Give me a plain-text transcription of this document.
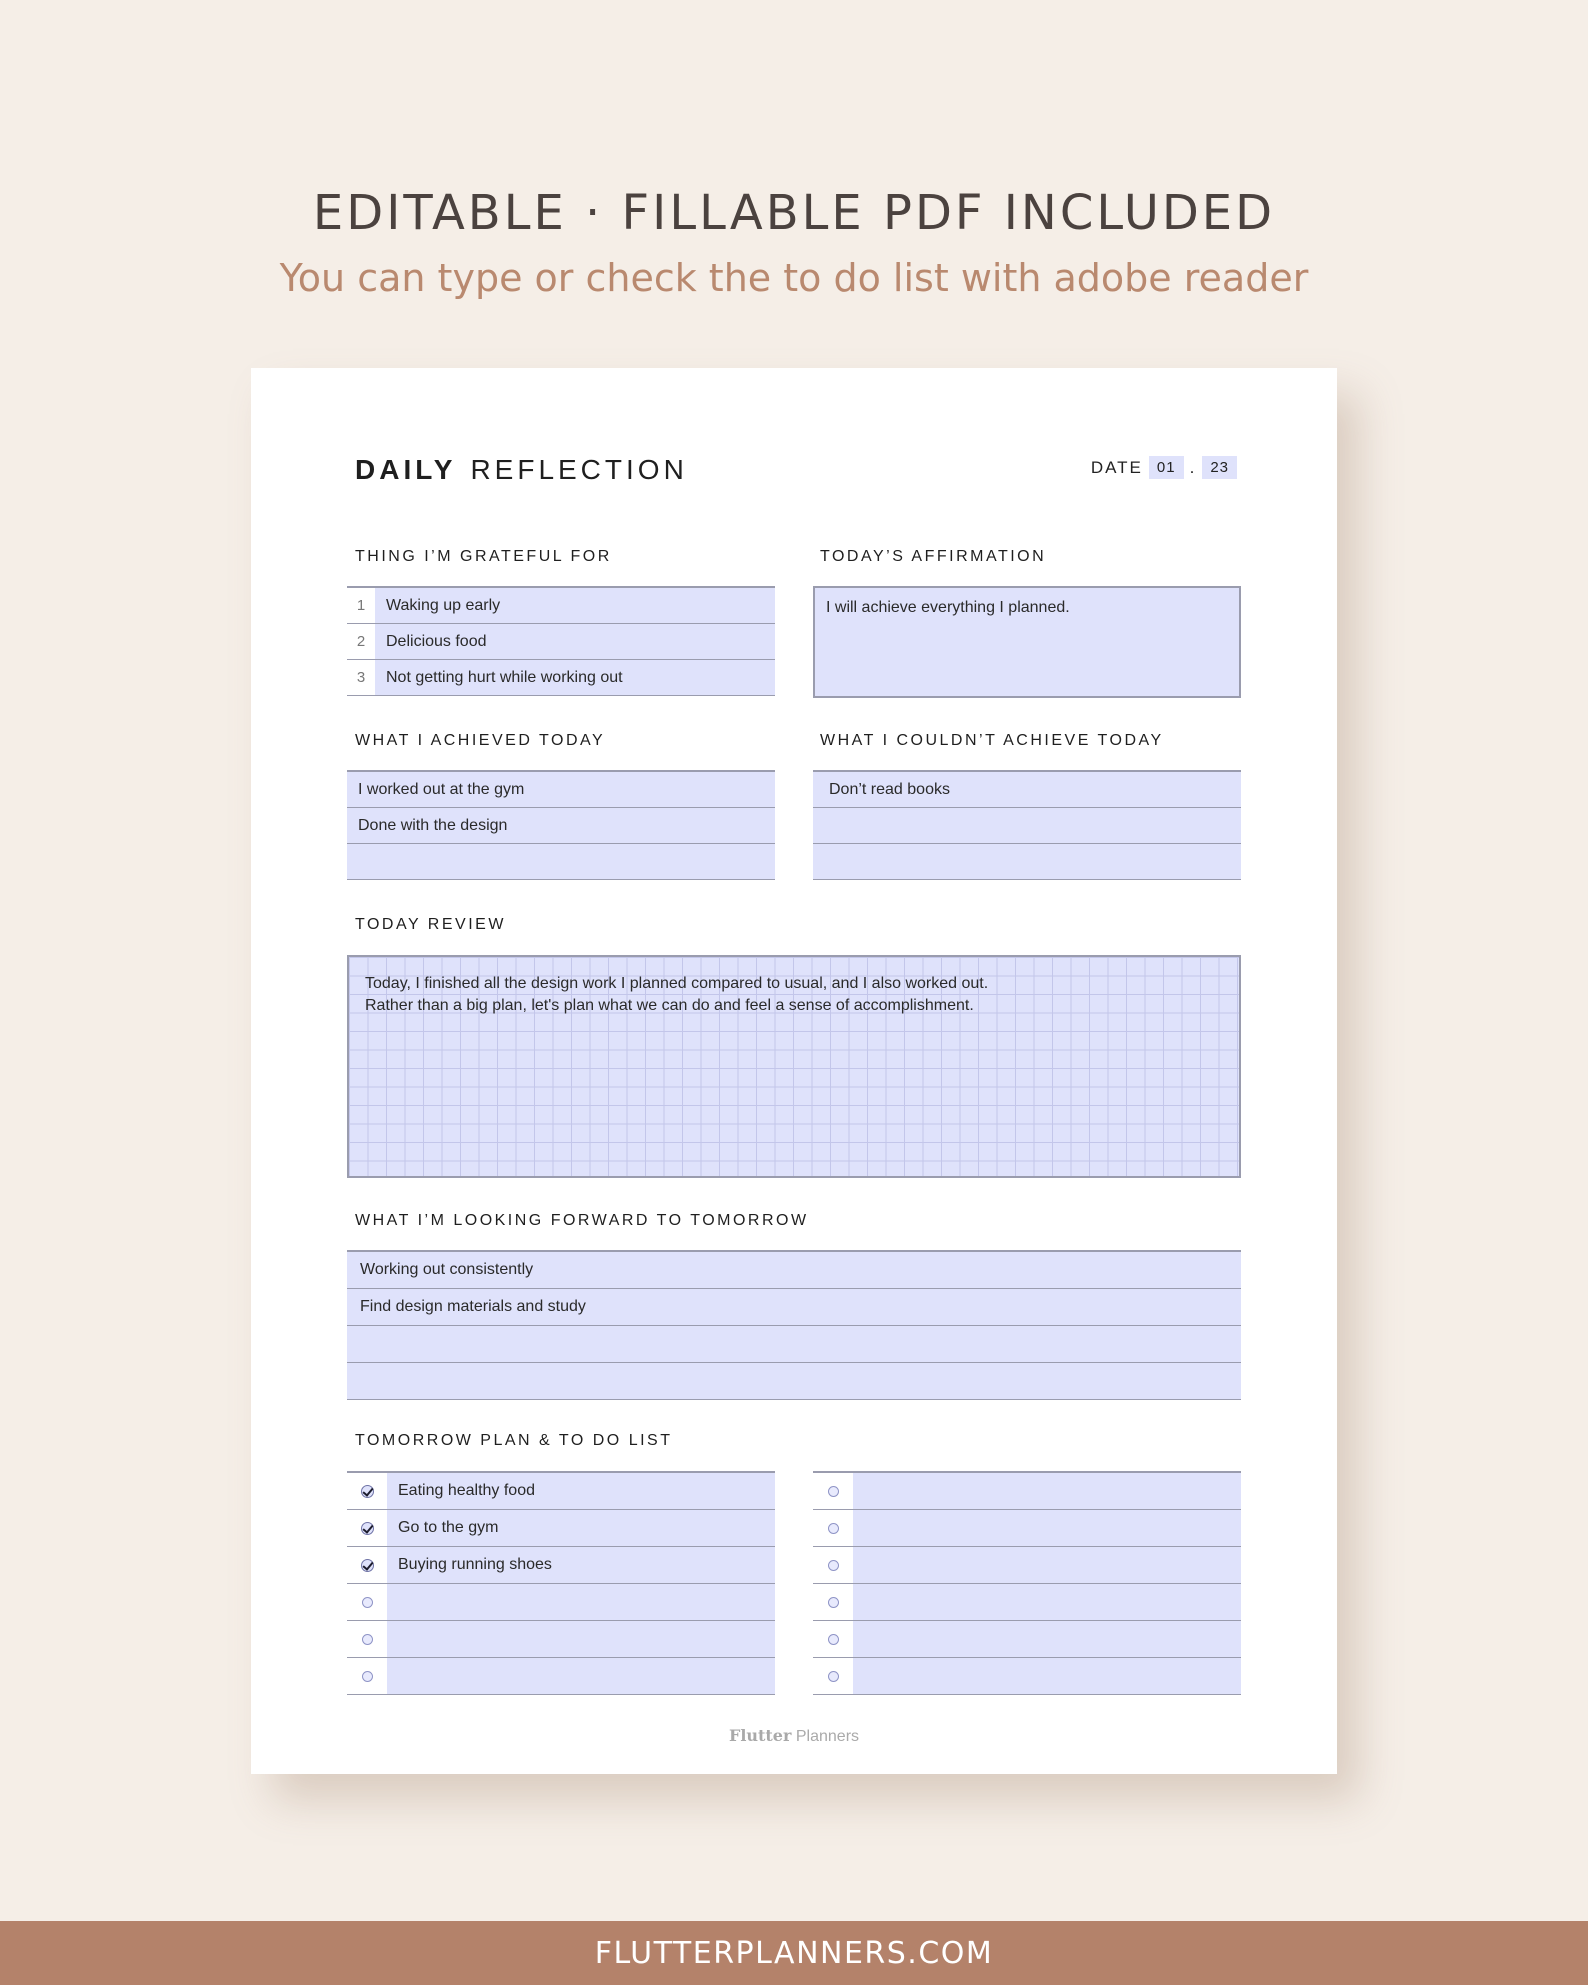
EDITABLE · FILLABLE PDF INCLUDED
You can type or check the to do list with adobe reader
DAILY REFLECTION	DATE 01 . 23
THING I’M GRATEFUL FOR
1	Waking up early
2	Delicious food
3	Not getting hurt while working out
TODAY’S AFFIRMATION
I will achieve everything I planned.
WHAT I ACHIEVED TODAY
I worked out at the gym
Done with the design
WHAT I COULDN’T ACHIEVE TODAY
Don’t read books
TODAY REVIEW
Today, I finished all the design work I planned compared to usual, and I also worked out.
Rather than a big plan, let's plan what we can do and feel a sense of accomplishment.
WHAT I’M LOOKING FORWARD TO TOMORROW
Working out consistently
Find design materials and study
TOMORROW PLAN & TO DO LIST
Eating healthy food
Go to the gym
Buying running shoes
Flutter Planners
FLUTTERPLANNERS.COM
